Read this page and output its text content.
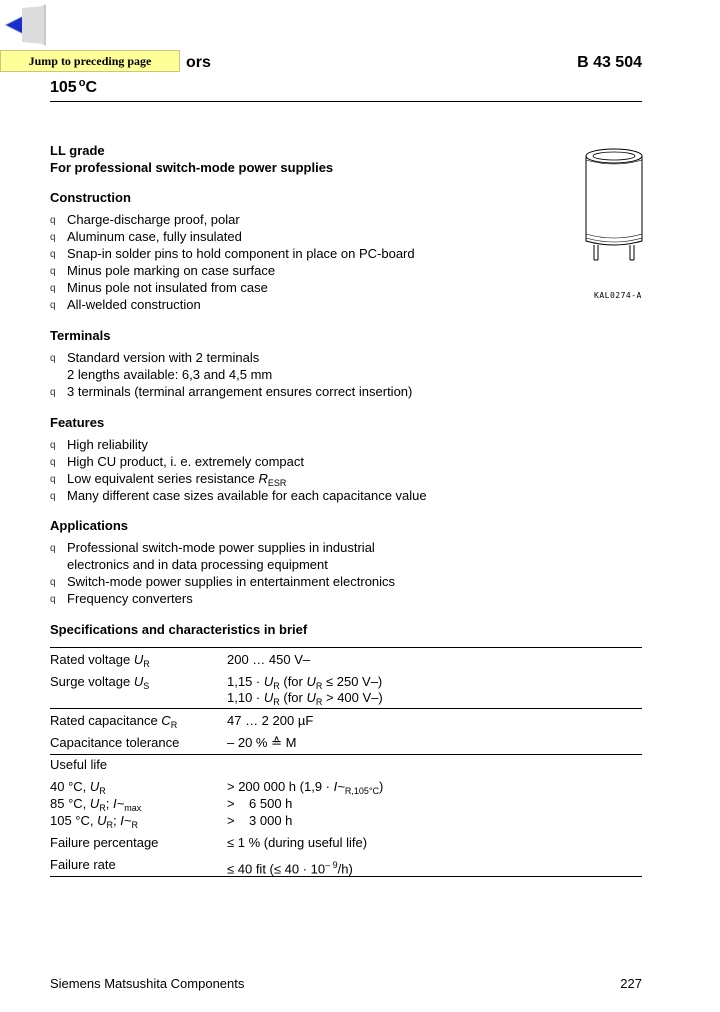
Jump to preceding page	ors
105 $^o$C
B 43 504
LL grade
For professional switch-mode power supplies
KAL0274-A
Construction
q Charge-discharge proof, polar
q Aluminum case, fully insulated
q Snap-in solder pins to hold component in place on PC-board
q Minus pole marking on case surface
q Minus pole not insulated from case
q All-welded construction
Terminals
q Standard version with 2 terminals
2 lengths available: 6,3 and 4,5 mm
q 3 terminals (terminal arrangement ensures correct insertion)
Features
q High reliability
q High CU product, i. e. extremely compact
q Low equivalent series resistance $R_{ESR}$
q Many different case sizes available for each capacitance value
Applications
q Professional switch-mode power supplies in industrial
electronics and in data processing equipment
q Switch-mode power supplies in entertainment electronics
q Frequency converters
Specifications and characteristics in brief
Rated voltage $U_R$	200 … 450 V–
Surge voltage $U_S$	$1,15 \cdot U_R$ (for $U_R \le 250$ V–)
$1,10 \cdot U_R$ (for $U_R > 400$ V–)
Rated capacitance $C_R$	47 … 2 200 µF
Capacitance tolerance	– 20 % ≙ M
Useful life
40 °C, $U_R$	> 200 000 h $(1,9 \cdot I\sim_{R,105^\circ C})$
85 °C, $U_R$; $I\sim_{max}$	>    6 500 h
105 °C, $U_R$; $I\sim_R$	>    3 000 h
Failure percentage	≤ 1 % (during useful life)
Failure rate	≤ 40 fit (≤ $40 \cdot 10^{- 9}/h$)
Siemens Matsushita Components	227
